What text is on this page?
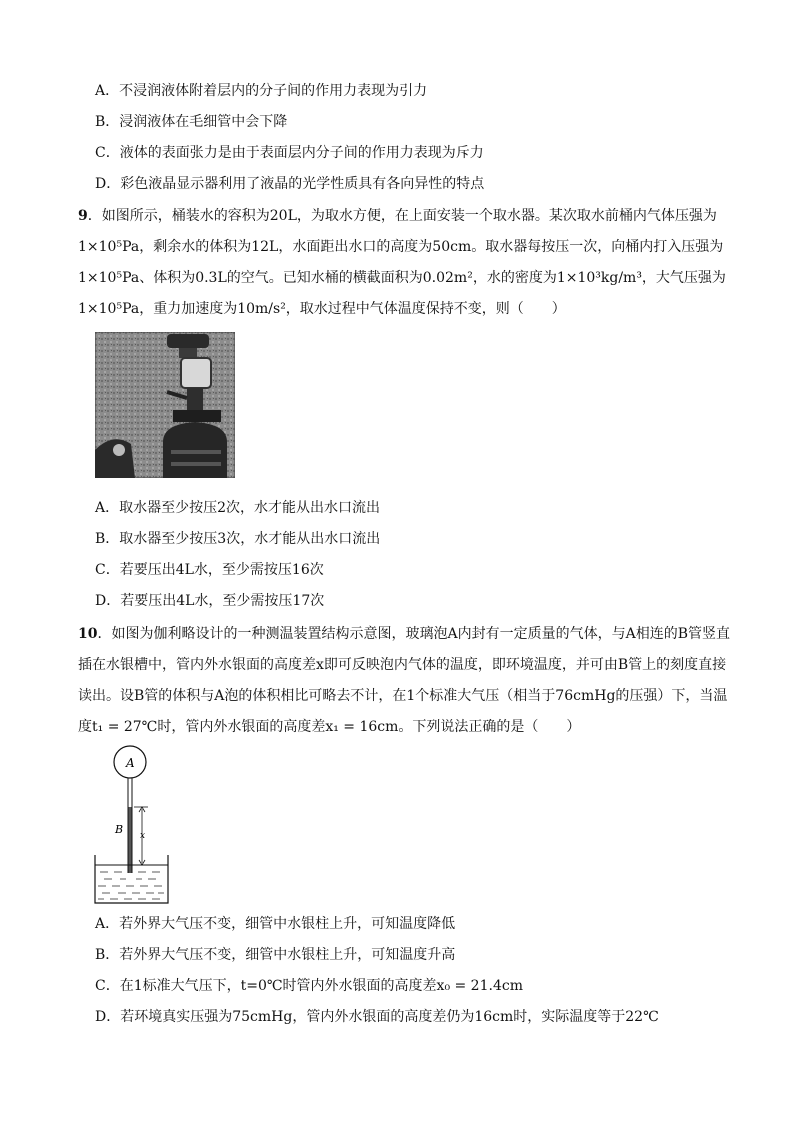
A．不浸润液体附着层内的分子间的作用力表现为引力
B．浸润液体在毛细管中会下降
C．液体的表面张力是由于表面层内分子间的作用力表现为斥力
D．彩色液晶显示器利用了液晶的光学性质具有各向异性的特点
9．如图所示，桶装水的容积为20L，为取水方便，在上面安装一个取水器。某次取水前桶内气体压强为1×10⁵Pa，剩余水的体积为12L，水面距出水口的高度为50cm。取水器每按压一次，向桶内打入压强为1×10⁵Pa、体积为0.3L的空气。已知水桶的横截面积为0.02m²，水的密度为1×10³kg/m³，大气压强为1×10⁵Pa，重力加速度为10m/s²，取水过程中气体温度保持不变，则（　　）
A．取水器至少按压2次，水才能从出水口流出
B．取水器至少按压3次，水才能从出水口流出
C．若要压出4L水，至少需按压16次
D．若要压出4L水，至少需按压17次
10．如图为伽利略设计的一种测温装置结构示意图，玻璃泡A内封有一定质量的气体，与A相连的B管竖直插在水银槽中，管内外水银面的高度差x即可反映泡内气体的温度，即环境温度，并可由B管上的刻度直接读出。设B管的体积与A泡的体积相比可略去不计，在1个标准大气压（相当于76cmHg的压强）下，当温度t₁ = 27℃时，管内外水银面的高度差x₁ = 16cm。下列说法正确的是（　　）
A
B x
A．若外界大气压不变，细管中水银柱上升，可知温度降低
B．若外界大气压不变，细管中水银柱上升，可知温度升高
C．在1标准大气压下，t=0℃时管内外水银面的高度差x₀ = 21.4cm
D．若环境真实压强为75cmHg，管内外水银面的高度差仍为16cm时，实际温度等于22℃
